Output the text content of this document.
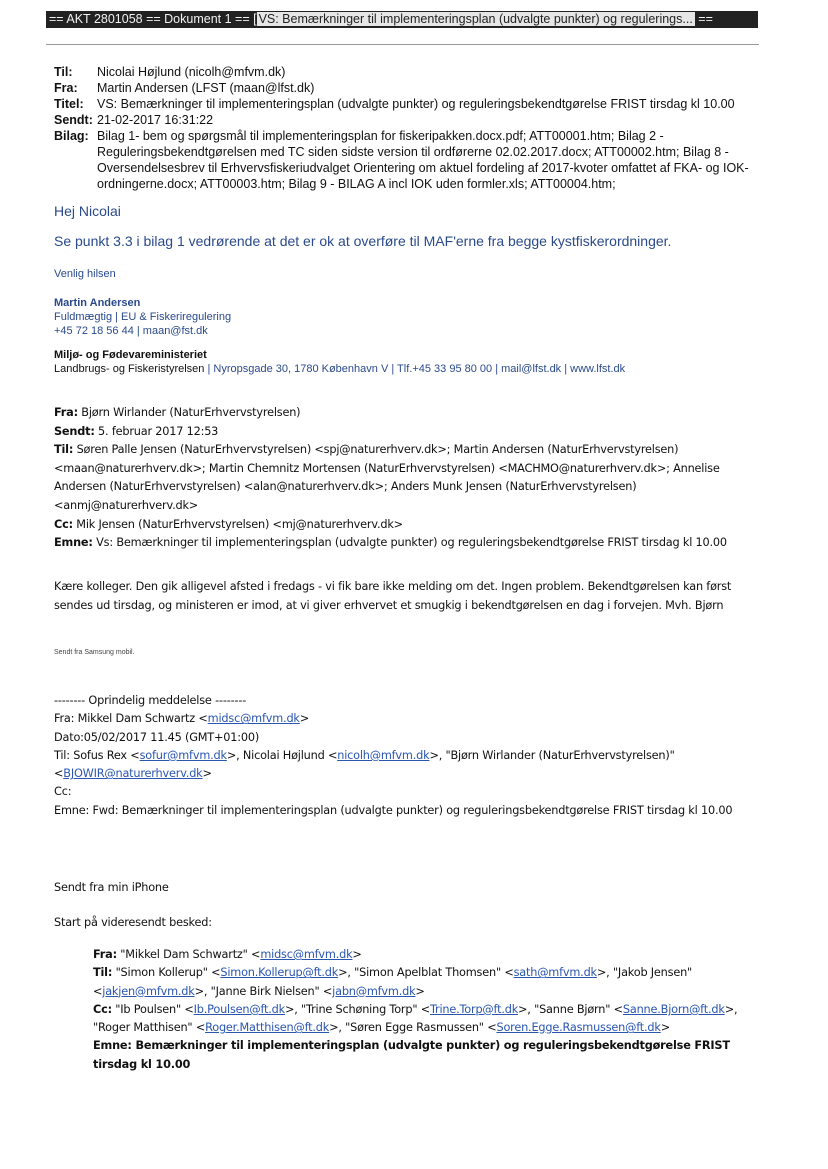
== AKT 2801058 == Dokument 1 == [ VS: Bemærkninger til implementeringsplan (udvalgte punkter) og regulerings... ==
Til:	Nicolai Højlund (nicolh@mfvm.dk)
Fra:	Martin Andersen (LFST (maan@lfst.dk)
Titel:	VS: Bemærkninger til implementeringsplan (udvalgte punkter) og reguleringsbekendtgørelse FRIST tirsdag kl 10.00
Sendt: 21-02-2017 16:31:22
Bilag: Bilag 1- bem og spørgsmål til implementeringsplan for fiskeripakken.docx.pdf; ATT00001.htm; Bilag 2 - Reguleringsbekendtgørelsen med TC siden sidste version til ordførerne 02.02.2017.docx; ATT00002.htm; Bilag 8 - Oversendelsesbrev til Erhvervsfiskeriudvalget Orientering om aktuel fordeling af 2017-kvoter omfattet af FKA- og IOK-ordningerne.docx; ATT00003.htm; Bilag 9 - BILAG A incl IOK uden formler.xls; ATT00004.htm;
Hej Nicolai
Se punkt 3.3 i bilag 1 vedrørende at det er ok at overføre til MAF'erne fra begge kystfiskerordninger.
Venlig hilsen
Martin Andersen
Fuldmægtig | EU & Fiskeriregulering
+45 72 18 56 44 | maan@fst.dk
Miljø- og Fødevareministeriet
Landbrugs- og Fiskeristyrelsen | Nyropsgade 30, 1780 København V | Tlf.+45 33 95 80 00 | mail@lfst.dk | www.lfst.dk
Fra: Bjørn Wirlander (NaturErhvervstyrelsen)
Sendt: 5. februar 2017 12:53
Til: Søren Palle Jensen (NaturErhvervstyrelsen) <spj@naturerhverv.dk>; Martin Andersen (NaturErhvervstyrelsen) <maan@naturerhverv.dk>; Martin Chemnitz Mortensen (NaturErhvervstyrelsen) <MACHMO@naturerhverv.dk>; Annelise Andersen (NaturErhvervstyrelsen) <alan@naturerhverv.dk>; Anders Munk Jensen (NaturErhvervstyrelsen) <anmj@naturerhverv.dk>
Cc: Mik Jensen (NaturErhvervstyrelsen) <mj@naturerhverv.dk>
Emne: Vs: Bemærkninger til implementeringsplan (udvalgte punkter) og reguleringsbekendtgørelse FRIST tirsdag kl 10.00
Kære kolleger. Den gik alligevel afsted i fredags - vi fik bare ikke melding om det. Ingen problem. Bekendtgørelsen kan først sendes ud tirsdag, og ministeren er imod, at vi giver erhvervet et smugkig i bekendtgørelsen en dag i forvejen. Mvh. Bjørn
Sendt fra Samsung mobil.
-------- Oprindelig meddelelse --------
Fra: Mikkel Dam Schwartz <midsc@mfvm.dk>
Dato:05/02/2017 11.45 (GMT+01:00)
Til: Sofus Rex <sofur@mfvm.dk>, Nicolai Højlund <nicolh@mfvm.dk>, "Bjørn Wirlander (NaturErhvervstyrelsen)" <BJOWIR@naturerhverv.dk>
Cc:
Emne: Fwd: Bemærkninger til implementeringsplan (udvalgte punkter) og reguleringsbekendtgørelse FRIST tirsdag kl 10.00
Sendt fra min iPhone
Start på videresendt besked:
Fra: "Mikkel Dam Schwartz" <midsc@mfvm.dk>
Til: "Simon Kollerup" <Simon.Kollerup@ft.dk>, "Simon Apelblat Thomsen" <sath@mfvm.dk>, "Jakob Jensen" <jakjen@mfvm.dk>, "Janne Birk Nielsen" <jabn@mfvm.dk>
Cc: "Ib Poulsen" <Ib.Poulsen@ft.dk>, "Trine Schøning Torp" <Trine.Torp@ft.dk>, "Sanne Bjørn" <Sanne.Bjorn@ft.dk>, "Roger Matthisen" <Roger.Matthisen@ft.dk>, "Søren Egge Rasmussen" <Soren.Egge.Rasmussen@ft.dk>
Emne: Bemærkninger til implementeringsplan (udvalgte punkter) og reguleringsbekendtgørelse FRIST tirsdag kl 10.00
